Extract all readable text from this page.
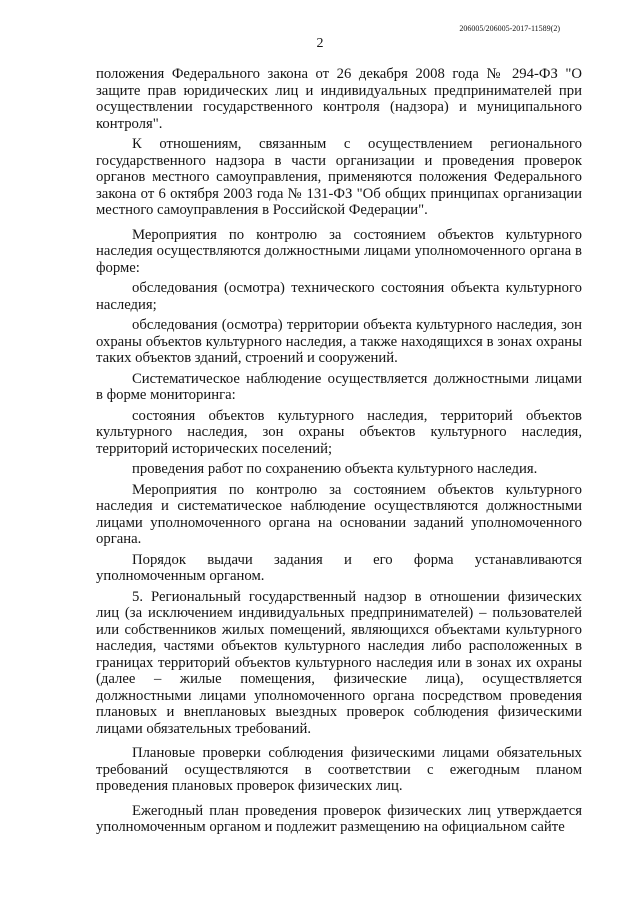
206005/206005-2017-11589(2)
2

положения Федерального закона от 26 декабря 2008 года № 294-ФЗ "О защите прав юридических лиц и индивидуальных предпринимателей при осуществлении государственного контроля (надзора) и муниципального контроля".

К отношениям, связанным с осуществлением регионального государственного надзора в части организации и проведения проверок органов местного самоуправления, применяются положения Федерального закона от 6 октября 2003 года № 131-ФЗ "Об общих принципах организации местного самоуправления в Российской Федерации".

Мероприятия по контролю за состоянием объектов культурного наследия осуществляются должностными лицами уполномоченного органа в форме:

обследования (осмотра) технического состояния объекта культурного наследия;

обследования (осмотра) территории объекта культурного наследия, зон охраны объектов культурного наследия, а также находящихся в зонах охраны таких объектов зданий, строений и сооружений.

Систематическое наблюдение осуществляется должностными лицами в форме мониторинга:

состояния объектов культурного наследия, территорий объектов культурного наследия, зон охраны объектов культурного наследия, территорий исторических поселений;

проведения работ по сохранению объекта культурного наследия.

Мероприятия по контролю за состоянием объектов культурного наследия и систематическое наблюдение осуществляются должностными лицами уполномоченного органа на основании заданий уполномоченного органа.

Порядок выдачи задания и его форма устанавливаются уполномоченным органом.

5. Региональный государственный надзор в отношении физических лиц (за исключением индивидуальных предпринимателей) – пользователей или собственников жилых помещений, являющихся объектами культурного наследия, частями объектов культурного наследия либо расположенных в границах территорий объектов культурного наследия или в зонах их охраны (далее – жилые помещения, физические лица), осуществляется должностными лицами уполномоченного органа посредством проведения плановых и внеплановых выездных проверок соблюдения физическими лицами обязательных требований.

Плановые проверки соблюдения физическими лицами обязательных требований осуществляются в соответствии с ежегодным планом проведения плановых проверок физических лиц.

Ежегодный план проведения проверок физических лиц утверждается уполномоченным органом и подлежит размещению на официальном сайте
